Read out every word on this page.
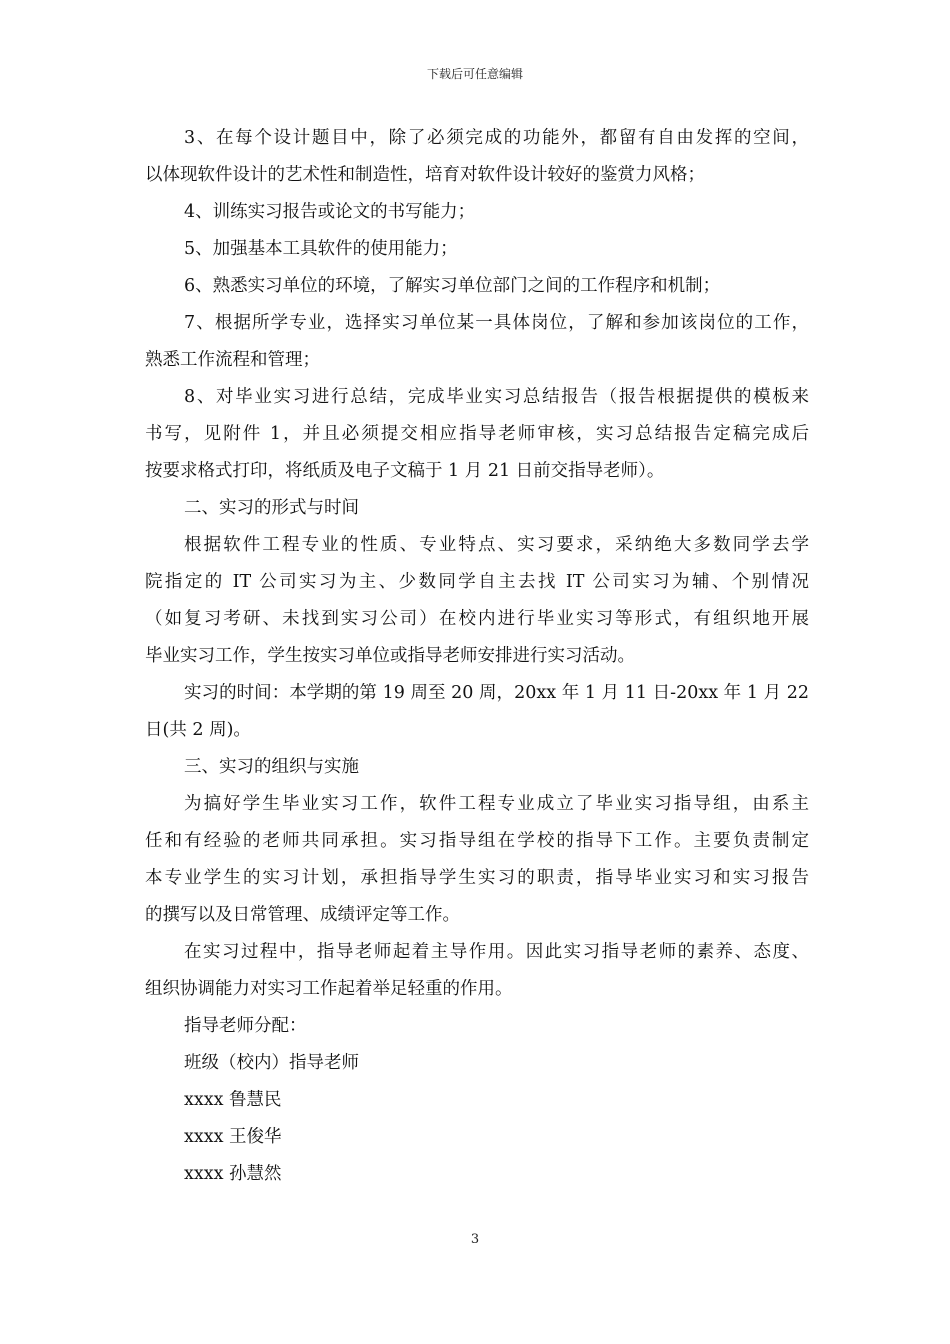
下载后可任意编辑
3、在每个设计题目中，除了必须完成的功能外，都留有自由发挥的空间，
以体现软件设计的艺术性和制造性，培育对软件设计较好的鉴赏力风格；
4、训练实习报告或论文的书写能力；
5、加强基本工具软件的使用能力；
6、熟悉实习单位的环境，了解实习单位部门之间的工作程序和机制；
7、根据所学专业，选择实习单位某一具体岗位，了解和参加该岗位的工作，
熟悉工作流程和管理；
8、对毕业实习进行总结，完成毕业实习总结报告（报告根据提供的模板来
书写，见附件 1，并且必须提交相应指导老师审核，实习总结报告定稿完成后
按要求格式打印，将纸质及电子文稿于 1 月 21 日前交指导老师）。
二、实习的形式与时间
根据软件工程专业的性质、专业特点、实习要求，采纳绝大多数同学去学
院指定的 IT 公司实习为主、少数同学自主去找 IT 公司实习为辅、个别情况
（如复习考研、未找到实习公司）在校内进行毕业实习等形式，有组织地开展
毕业实习工作，学生按实习单位或指导老师安排进行实习活动。
实习的时间：本学期的第 19 周至 20 周，20xx 年 1 月 11 日-20xx 年 1 月 22
日(共 2 周)。
三、实习的组织与实施
为搞好学生毕业实习工作，软件工程专业成立了毕业实习指导组，由系主
任和有经验的老师共同承担。实习指导组在学校的指导下工作。主要负责制定
本专业学生的实习计划，承担指导学生实习的职责，指导毕业实习和实习报告
的撰写以及日常管理、成绩评定等工作。
在实习过程中，指导老师起着主导作用。因此实习指导老师的素养、态度、
组织协调能力对实习工作起着举足轻重的作用。
指导老师分配：
班级（校内）指导老师
xxxx 鲁慧民
xxxx 王俊华
xxxx 孙慧然
3
